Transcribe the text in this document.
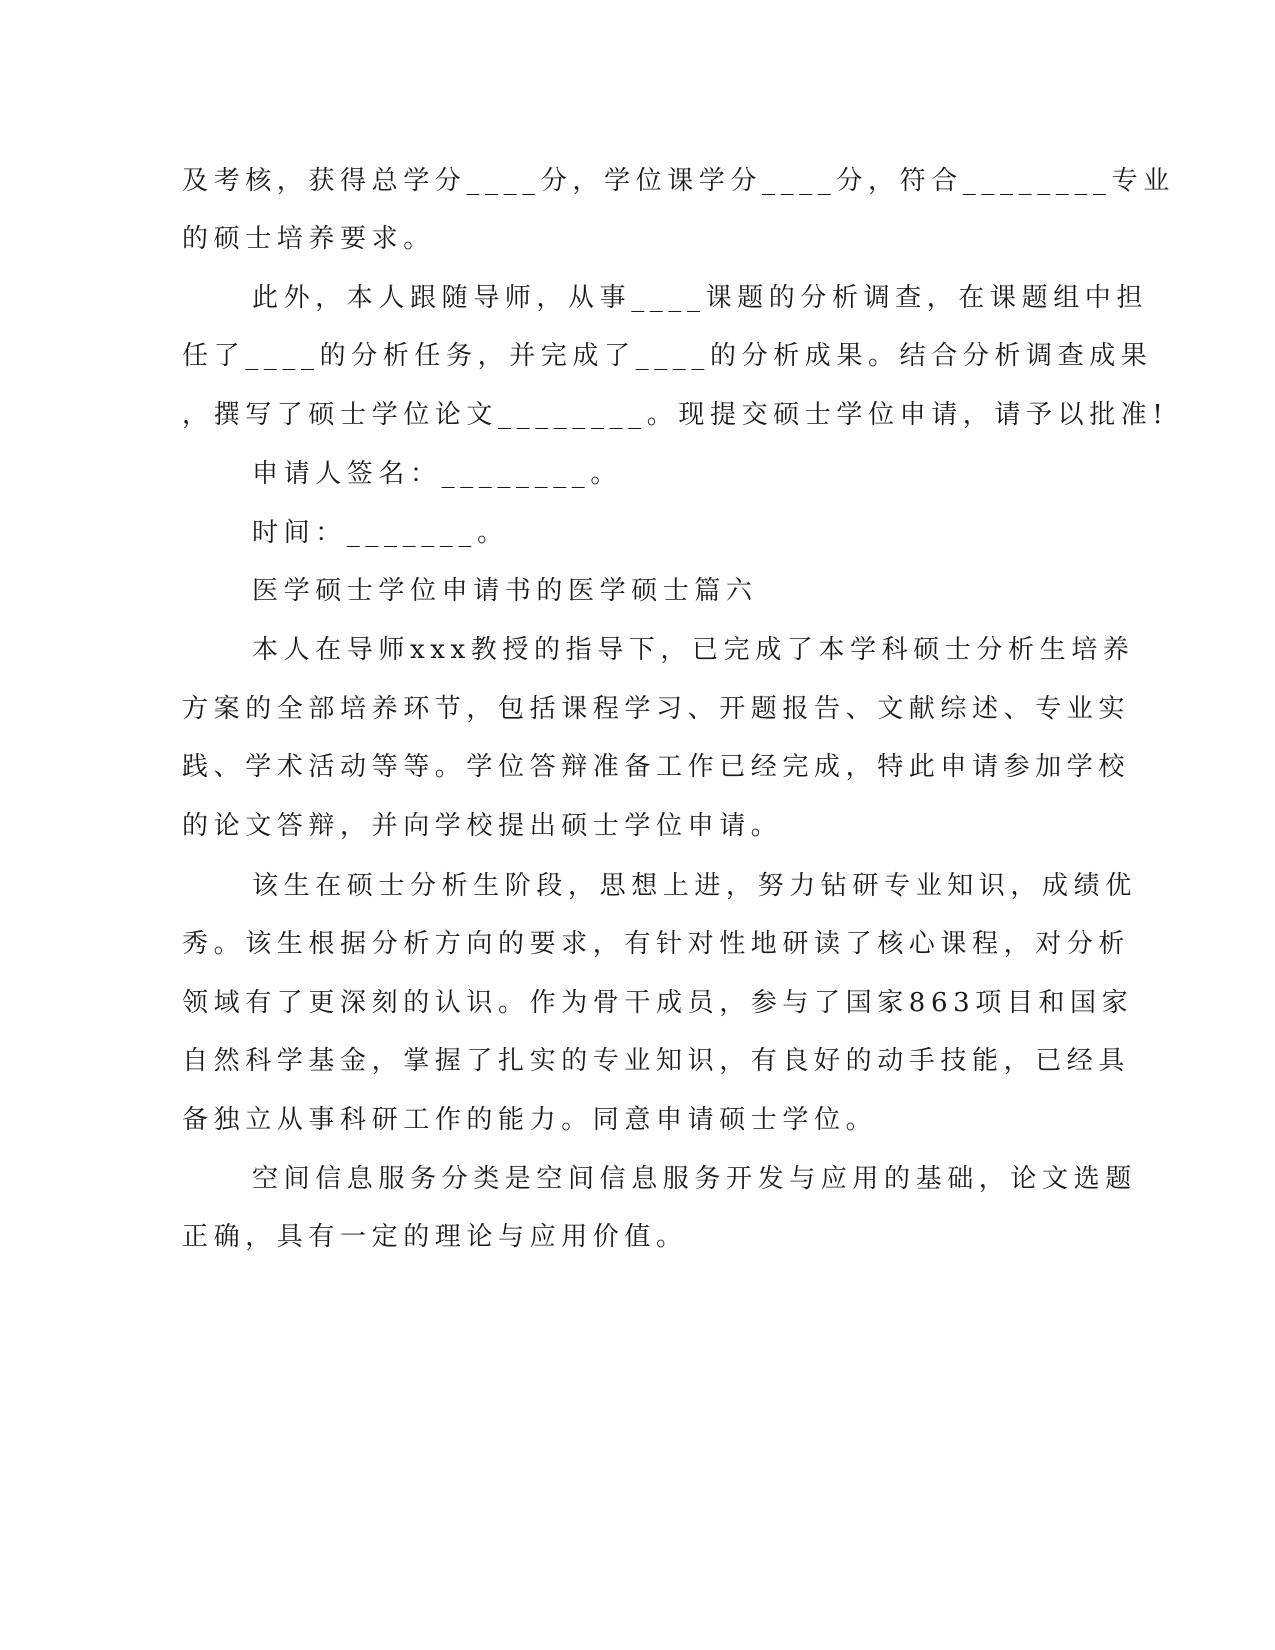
及考核，获得总学分____分，学位课学分____分，符合________专业

的硕士培养要求。

此外，本人跟随导师，从事____课题的分析调查，在课题组中担

任了____的分析任务，并完成了____的分析成果。结合分析调查成果

，撰写了硕士学位论文________。现提交硕士学位申请，请予以批准!

申请人签名：________。

时间：_______。

医学硕士学位申请书的医学硕士篇六

本人在导师xxx教授的指导下，已完成了本学科硕士分析生培养

方案的全部培养环节，包括课程学习、开题报告、文献综述、专业实

践、学术活动等等。学位答辩准备工作已经完成，特此申请参加学校

的论文答辩，并向学校提出硕士学位申请。

该生在硕士分析生阶段，思想上进，努力钻研专业知识，成绩优

秀。该生根据分析方向的要求，有针对性地研读了核心课程，对分析

领域有了更深刻的认识。作为骨干成员，参与了国家863项目和国家

自然科学基金，掌握了扎实的专业知识，有良好的动手技能，已经具

备独立从事科研工作的能力。同意申请硕士学位。

空间信息服务分类是空间信息服务开发与应用的基础，论文选题

正确，具有一定的理论与应用价值。
